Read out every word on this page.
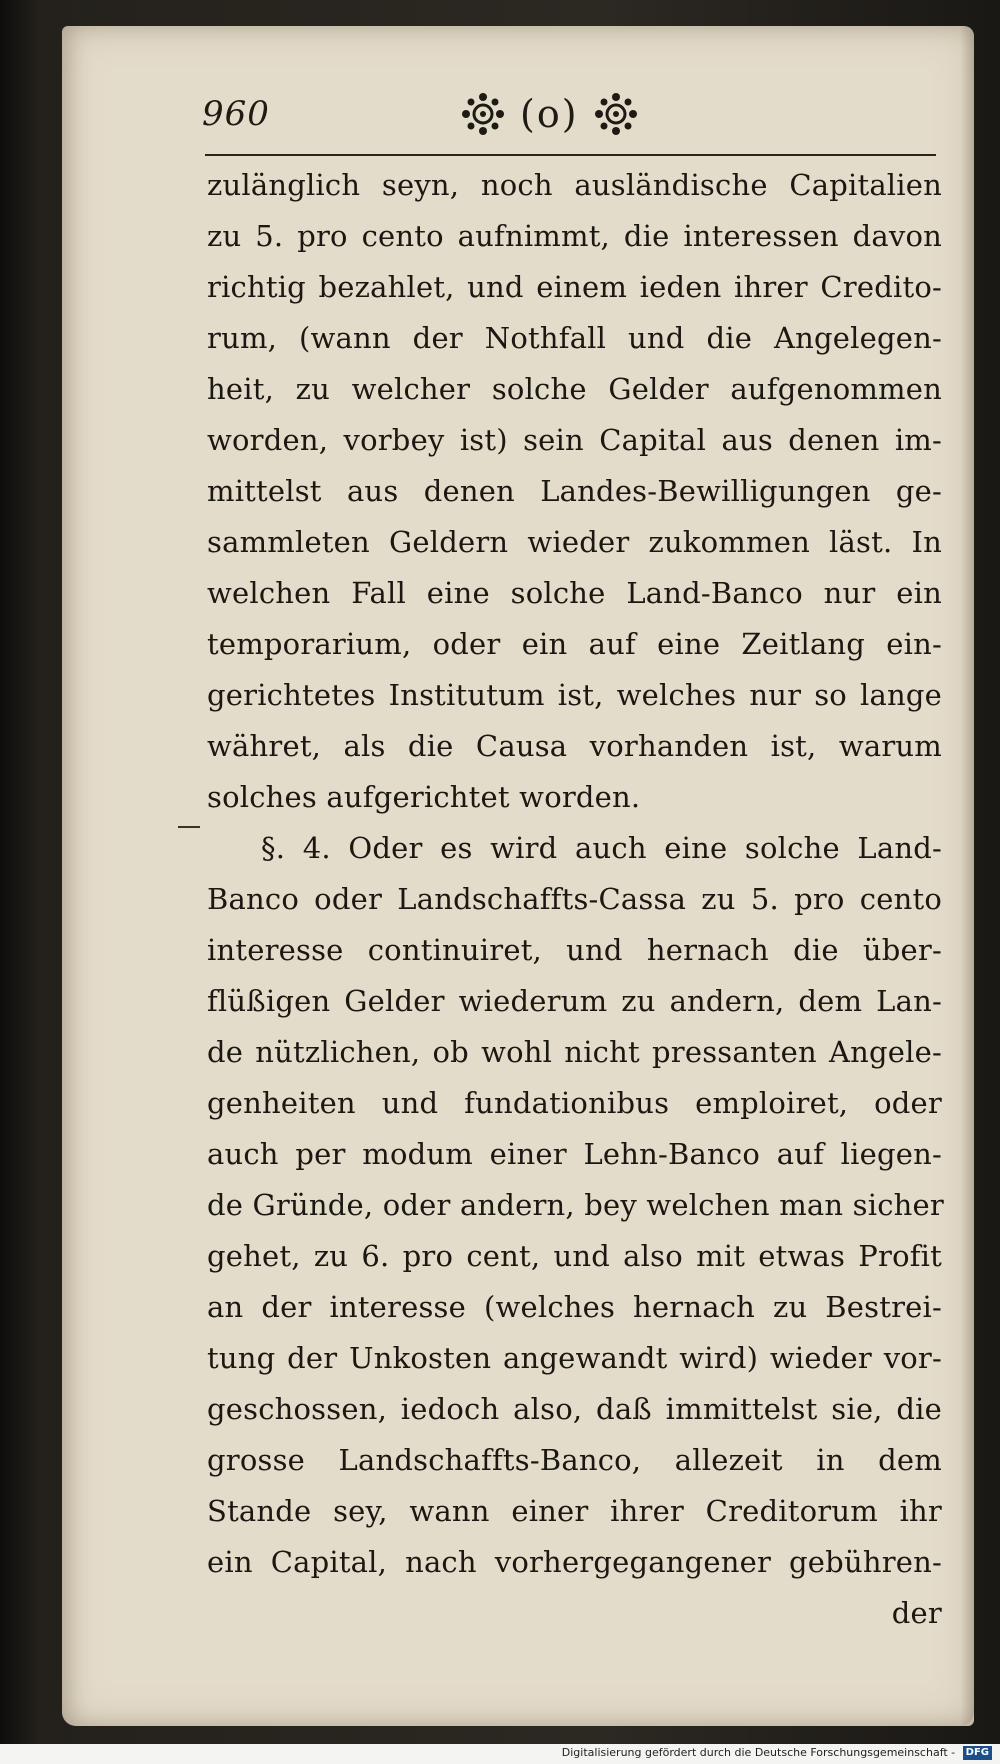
960	(o)
zulänglich seyn, noch ausländische Capitalien
zu 5. pro cento aufnimmt, die interessen davon
richtig bezahlet, und einem ieden ihrer Credito-
rum, (wann der Nothfall und die Angelegen-
heit, zu welcher solche Gelder aufgenommen
worden, vorbey ist) sein Capital aus denen im-
mittelst aus denen Landes-Bewilligungen ge-
sammleten Geldern wieder zukommen läst. In
welchen Fall eine solche Land-Banco nur ein
temporarium, oder ein auf eine Zeitlang ein-
gerichtetes Institutum ist, welches nur so lange
währet, als die Causa vorhanden ist, warum
solches aufgerichtet worden.
§. 4. Oder es wird auch eine solche Land-
Banco oder Landschaffts-Cassa zu 5. pro cento
interesse continuiret, und hernach die über-
flüßigen Gelder wiederum zu andern, dem Lan-
de nützlichen, ob wohl nicht pressanten Angele-
genheiten und fundationibus emploiret, oder
auch per modum einer Lehn-Banco auf liegen-
de Gründe, oder andern, bey welchen man sicher
gehet, zu 6. pro cent, und also mit etwas Profit
an der interesse (welches hernach zu Bestrei-
tung der Unkosten angewandt wird) wieder vor-
geschossen, iedoch also, daß immittelst sie, die
grosse Landschaffts-Banco, allezeit in dem
Stande sey, wann einer ihrer Creditorum ihr
ein Capital, nach vorhergegangener gebühren-
der
Digitalisierung gefördert durch die Deutsche Forschungsgemeinschaft - DFG
